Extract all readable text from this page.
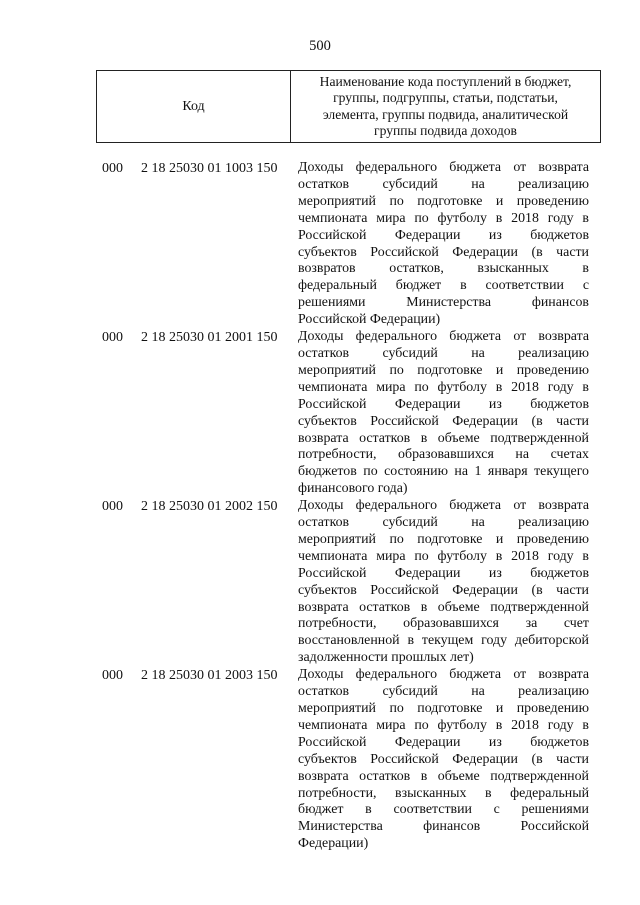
500
Код
Наименование кода поступлений в бюджет,
группы, подгруппы, статьи, подстатьи,
элемента, группы подвида, аналитической
группы подвида доходов
000 2 18 25030 01 1003 150 Доходы федерального бюджета от возврата
остатков субсидий на реализацию
мероприятий по подготовке и проведению
чемпионата мира по футболу в 2018 году в
Российской Федерации из бюджетов
субъектов Российской Федерации (в части
возвратов остатков, взысканных в
федеральный бюджет в соответствии с
решениями Министерства финансов
Российской Федерации)
000 2 18 25030 01 2001 150 Доходы федерального бюджета от возврата
остатков субсидий на реализацию
мероприятий по подготовке и проведению
чемпионата мира по футболу в 2018 году в
Российской Федерации из бюджетов
субъектов Российской Федерации (в части
возврата остатков в объеме подтвержденной
потребности, образовавшихся на счетах
бюджетов по состоянию на 1 января текущего
финансового года)
000 2 18 25030 01 2002 150 Доходы федерального бюджета от возврата
остатков субсидий на реализацию
мероприятий по подготовке и проведению
чемпионата мира по футболу в 2018 году в
Российской Федерации из бюджетов
субъектов Российской Федерации (в части
возврата остатков в объеме подтвержденной
потребности, образовавшихся за счет
восстановленной в текущем году дебиторской
задолженности прошлых лет)
000 2 18 25030 01 2003 150 Доходы федерального бюджета от возврата
остатков субсидий на реализацию
мероприятий по подготовке и проведению
чемпионата мира по футболу в 2018 году в
Российской Федерации из бюджетов
субъектов Российской Федерации (в части
возврата остатков в объеме подтвержденной
потребности, взысканных в федеральный
бюджет в соответствии с решениями
Министерства финансов Российской
Федерации)
